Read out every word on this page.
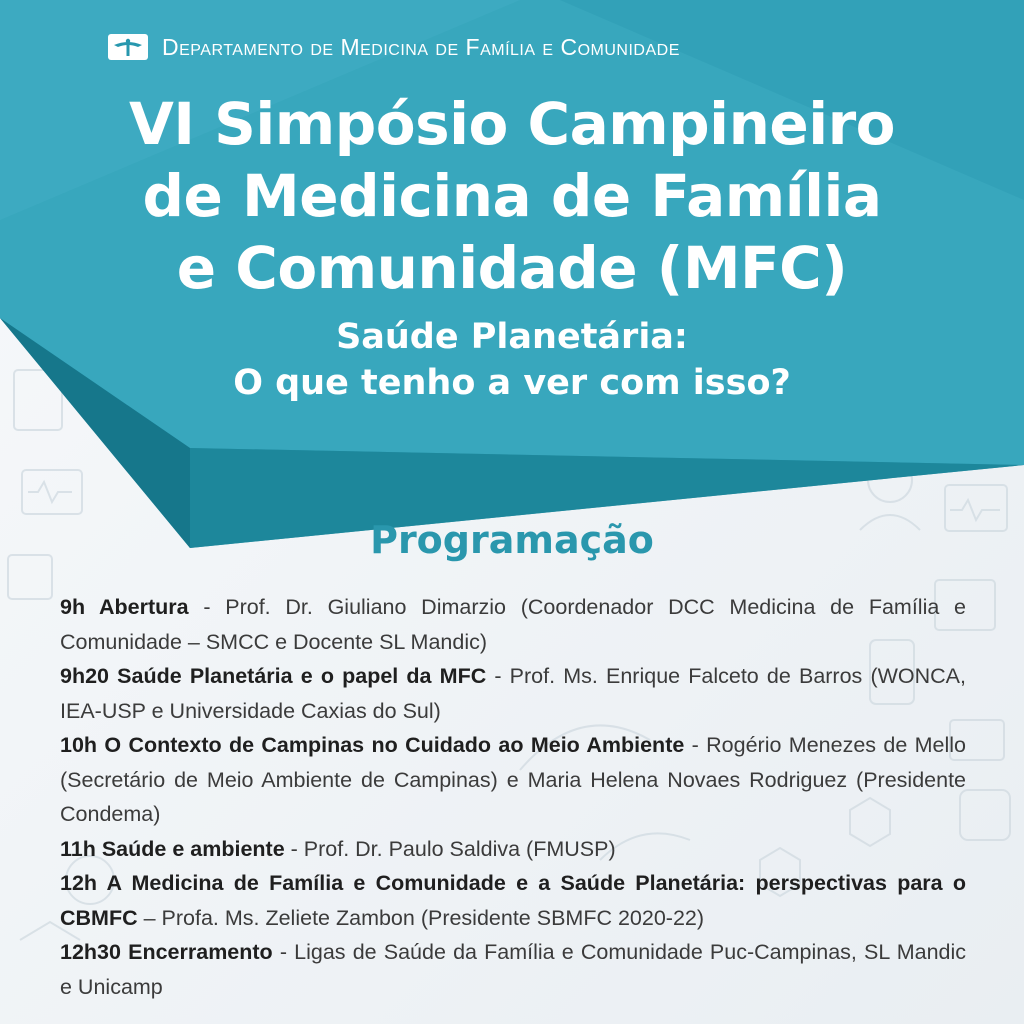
Departamento de Medicina de Família e Comunidade
VI Simpósio Campineiro
de Medicina de Família
e Comunidade (MFC)
Saúde Planetária:
O que tenho a ver com isso?
Programação

9h Abertura - Prof. Dr. Giuliano Dimarzio (Coordenador DCC Medicina de Família e Comunidade – SMCC e Docente SL Mandic)

9h20 Saúde Planetária e o papel da MFC - Prof. Ms. Enrique Falceto de Barros (WONCA, IEA-USP e Universidade Caxias do Sul)

10h O Contexto de Campinas no Cuidado ao Meio Ambiente - Rogério Menezes de Mello (Secretário de Meio Ambiente de Campinas) e Maria Helena Novaes Rodriguez (Presidente Condema)

11h Saúde e ambiente - Prof. Dr. Paulo Saldiva (FMUSP)

12h A Medicina de Família e Comunidade e a Saúde Planetária: perspectivas para o CBMFC – Profa. Ms. Zeliete Zambon (Presidente SBMFC 2020-22)

12h30 Encerramento - Ligas de Saúde da Família e Comunidade Puc-Campinas, SL Mandic e Unicamp
